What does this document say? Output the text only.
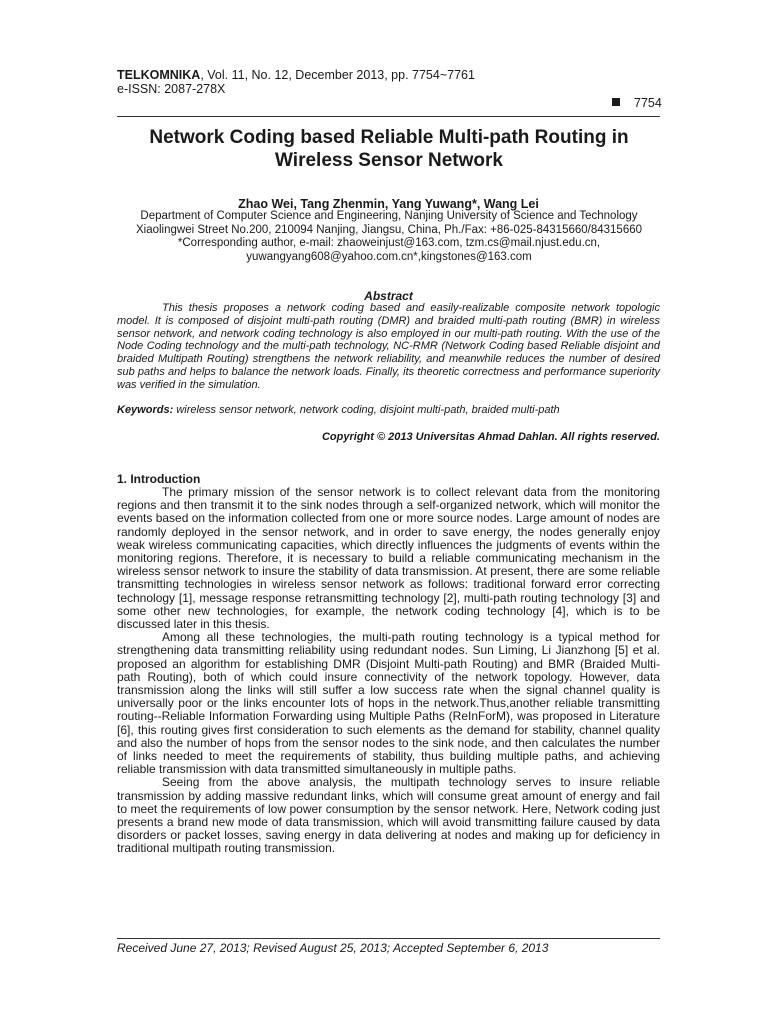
TELKOMNIKA, Vol. 11, No. 12, December 2013, pp. 7754~7761
e-ISSN: 2087-278X
7754
Network Coding based Reliable Multi-path Routing in
Wireless Sensor Network
Zhao Wei, Tang Zhenmin, Yang Yuwang*, Wang Lei
Department of Computer Science and Engineering, Nanjing University of Science and Technology
Xiaolingwei Street No.200, 210094 Nanjing, Jiangsu, China, Ph./Fax: +86-025-84315660/84315660
*Corresponding author, e-mail: zhaoweinjust@163.com, tzm.cs@mail.njust.edu.cn,
yuwangyang608@yahoo.com.cn*,kingstones@163.com
Abstract

This thesis proposes a network coding based and easily-realizable composite network topologic model. It is composed of disjoint multi-path routing (DMR) and braided multi-path routing (BMR) in wireless sensor network, and network coding technology is also employed in our multi-path routing. With the use of the Node Coding technology and the multi-path technology, NC-RMR (Network Coding based Reliable disjoint and braided Multipath Routing) strengthens the network reliability, and meanwhile reduces the number of desired sub paths and helps to balance the network loads. Finally, its theoretic correctness and performance superiority was verified in the simulation.

Keywords: wireless sensor network, network coding, disjoint multi-path, braided multi-path
Copyright © 2013 Universitas Ahmad Dahlan. All rights reserved.
1. Introduction

The primary mission of the sensor network is to collect relevant data from the monitoring regions and then transmit it to the sink nodes through a self-organized network, which will monitor the events based on the information collected from one or more source nodes. Large amount of nodes are randomly deployed in the sensor network, and in order to save energy, the nodes generally enjoy weak wireless communicating capacities, which directly influences the judgments of events within the monitoring regions. Therefore, it is necessary to build a reliable communicating mechanism in the wireless sensor network to insure the stability of data transmission. At present, there are some reliable transmitting technologies in wireless sensor network as follows: traditional forward error correcting technology [1], message response retransmitting technology [2], multi-path routing technology [3] and some other new technologies, for example, the network coding technology [4], which is to be discussed later in this thesis.

Among all these technologies, the multi-path routing technology is a typical method for strengthening data transmitting reliability using redundant nodes. Sun Liming, Li Jianzhong [5] et al. proposed an algorithm for establishing DMR (Disjoint Multi-path Routing) and BMR (Braided Multi-path Routing), both of which could insure connectivity of the network topology. However, data transmission along the links will still suffer a low success rate when the signal channel quality is universally poor or the links encounter lots of hops in the network.Thus,another reliable transmitting routing--Reliable Information Forwarding using Multiple Paths (ReInForM), was proposed in Literature [6], this routing gives first consideration to such elements as the demand for stability, channel quality and also the number of hops from the sensor nodes to the sink node, and then calculates the number of links needed to meet the requirements of stability, thus building multiple paths, and achieving reliable transmission with data transmitted simultaneously in multiple paths.

Seeing from the above analysis, the multipath technology serves to insure reliable transmission by adding massive redundant links, which will consume great amount of energy and fail to meet the requirements of low power consumption by the sensor network. Here, Network coding just presents a brand new mode of data transmission, which will avoid transmitting failure caused by data disorders or packet losses, saving energy in data delivering at nodes and making up for deficiency in traditional multipath routing transmission.

Received June 27, 2013; Revised August 25, 2013; Accepted September 6, 2013
